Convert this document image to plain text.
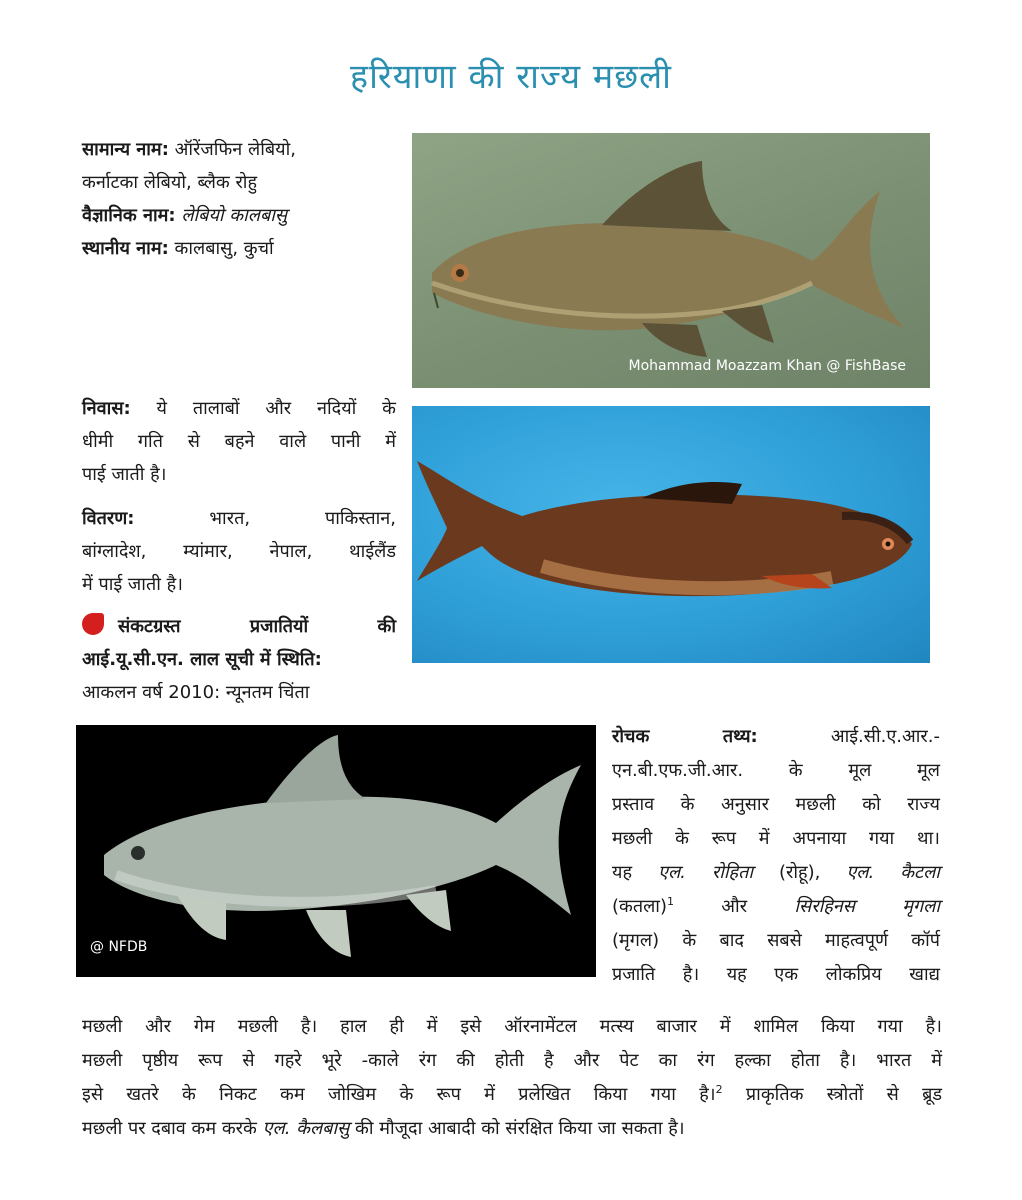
हरियाणा की राज्य मछली
सामान्य नाम: ऑरेंजफिन लेबियो,
कर्नाटका लेबियो, ब्लैक रोहु
वैज्ञानिक नाम: लेबियो कालबासु
स्थानीय नाम: कालबासु, कुर्चा
Mohammad Moazzam Khan @ FishBase
निवास: ये तालाबों और नदियों के
धीमी गति से बहने वाले पानी में
पाई जाती है।
वितरण:	भारत,	पाकिस्तान,
बांग्लादेश, म्यांमार, नेपाल, थाईलैंड
में पाई जाती है।
संकटग्रस्त	प्रजातियों	की
आई.यू.सी.एन. लाल सूची में स्थिति:
आकलन वर्ष 2010: न्यूनतम चिंता
@ NFDB
रोचक तथ्य:	आई.सी.ए.आर.-
एन.बी.एफ.जी.आर. के मूल मूल
प्रस्ताव के अनुसार मछली को राज्य
मछली के रूप में अपनाया गया था।
यह एल. रोहिता (रोहू), एल. कैटला
(कतला)$^1$	और	सिरहिनस मृगला
(मृगल) के बाद सबसे माहत्वपूर्ण कॉर्प
प्रजाति है। यह एक लोकप्रिय खाद्य
मछली और गेम मछली है। हाल ही में इसे ऑरनामेंटल मत्स्य बाजार में शामिल किया गया है।
मछली पृष्ठीय रूप से गहरे भूरे -काले रंग की होती है और पेट का रंग हल्का होता है। भारत में
इसे खतरे के निकट कम जोखिम के रूप में प्रलेखित किया गया है।$^2$ प्राकृतिक स्त्रोतों से ब्रूड
मछली पर दबाव कम करके एल. कैलबासु की मौजूदा आबादी को संरक्षित किया जा सकता है।
